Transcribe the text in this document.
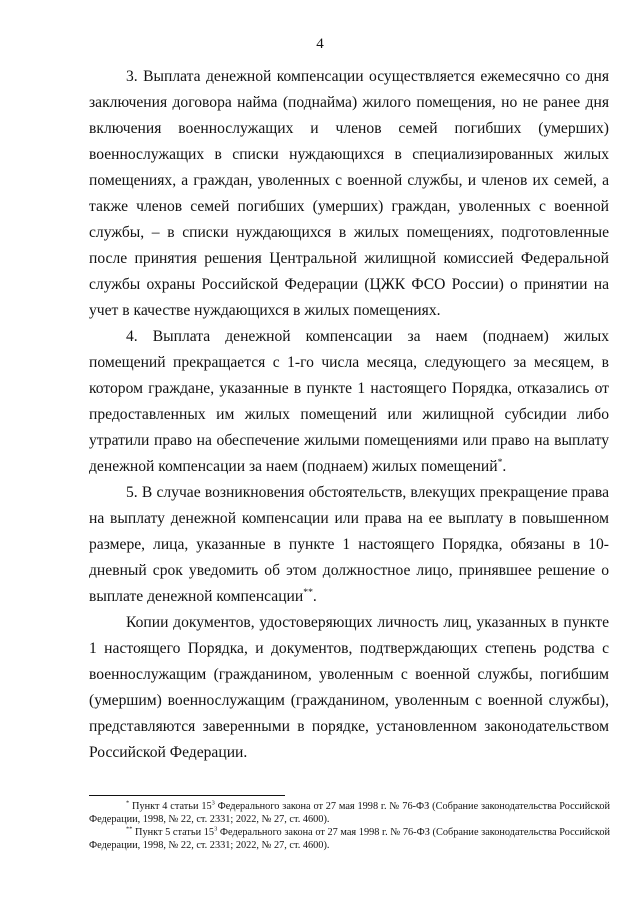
4

3. Выплата денежной компенсации осуществляется ежемесячно со дня заключения договора найма (поднайма) жилого помещения, но не ранее дня включения военнослужащих и членов семей погибших (умерших) военнослужащих в списки нуждающихся в специализированных жилых помещениях, а граждан, уволенных с военной службы, и членов их семей, а также членов семей погибших (умерших) граждан, уволенных с военной службы, – в списки нуждающихся в жилых помещениях, подготовленные после принятия решения Центральной жилищной комиссией Федеральной службы охраны Российской Федерации (ЦЖК ФСО России) о принятии на учет в качестве нуждающихся в жилых помещениях.

4. Выплата денежной компенсации за наем (поднаем) жилых помещений прекращается с 1-го числа месяца, следующего за месяцем, в котором граждане, указанные в пункте 1 настоящего Порядка, отказались от предоставленных им жилых помещений или жилищной субсидии либо утратили право на обеспечение жилыми помещениями или право на выплату денежной компенсации за наем (поднаем) жилых помещений*.

5. В случае возникновения обстоятельств, влекущих прекращение права на выплату денежной компенсации или права на ее выплату в повышенном размере, лица, указанные в пункте 1 настоящего Порядка, обязаны в 10-дневный срок уведомить об этом должностное лицо, принявшее решение о выплате денежной компенсации**.

Копии документов, удостоверяющих личность лиц, указанных в пункте 1 настоящего Порядка, и документов, подтверждающих степень родства с военнослужащим (гражданином, уволенным с военной службы, погибшим (умершим) военнослужащим (гражданином, уволенным с военной службы), представляются заверенными в порядке, установленном законодательством Российской Федерации.

* Пункт 4 статьи $15^3$ Федерального закона от 27 мая 1998 г. № 76-ФЗ (Собрание законодательства Российской Федерации, 1998, № 22, ст. 2331; 2022, № 27, ст. 4600).

** Пункт 5 статьи $15^3$ Федерального закона от 27 мая 1998 г. № 76-ФЗ (Собрание законодательства Российской Федерации, 1998, № 22, ст. 2331; 2022, № 27, ст. 4600).
